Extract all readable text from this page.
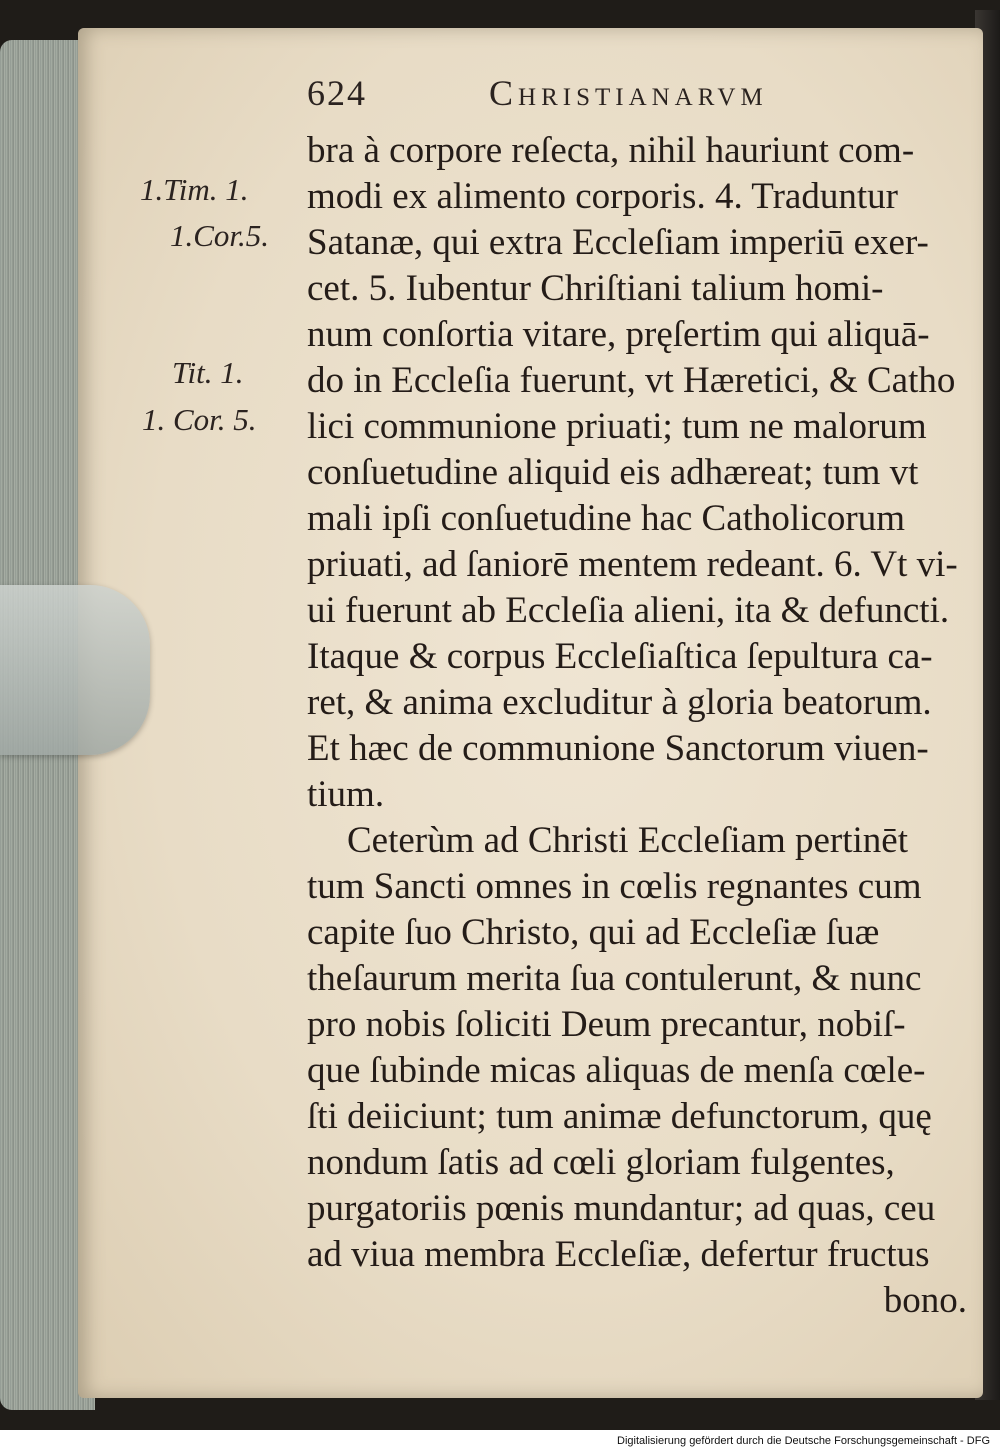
624	Christianarvm
1.Tim. 1.
1.Cor.5.
Tit. 1.
1. Cor. 5.
bra à corpore reſecta, nihil hauriunt com-
modi ex alimento corporis. 4. Traduntur
Satanæ, qui extra Eccleſiam imperiū exer-
cet. 5. Iubentur Chriſtiani talium homi-
num conſortia vitare, pręſertim qui aliquā-
do in Eccleſia fuerunt, vt Hæretici, & Catho
lici communione priuati; tum ne malorum
conſuetudine aliquid eis adhæreat; tum vt
mali ipſi conſuetudine hac Catholicorum
priuati, ad ſaniorē mentem redeant. 6. Vt vi-
ui fuerunt ab Eccleſia alieni, ita & defuncti.
Itaque & corpus Eccleſiaſtica ſepultura ca-
ret, & anima excluditur à gloria beatorum.
Et hæc de communione Sanctorum viuen-
tium.
Ceterùm ad Christi Eccleſiam pertinēt
tum Sancti omnes in cœlis regnantes cum
capite ſuo Christo, qui ad Eccleſiæ ſuæ
theſaurum merita ſua contulerunt, & nunc
pro nobis ſoliciti Deum precantur, nobiſ-
que ſubinde micas aliquas de menſa cœle-
ſti deiiciunt; tum animæ defunctorum, quę
nondum ſatis ad cœli gloriam fulgentes,
purgatoriis pœnis mundantur; ad quas, ceu
ad viua membra Eccleſiæ, defertur fructus
bono.
Digitalisierung gefördert durch die Deutsche Forschungsgemeinschaft - DFG
